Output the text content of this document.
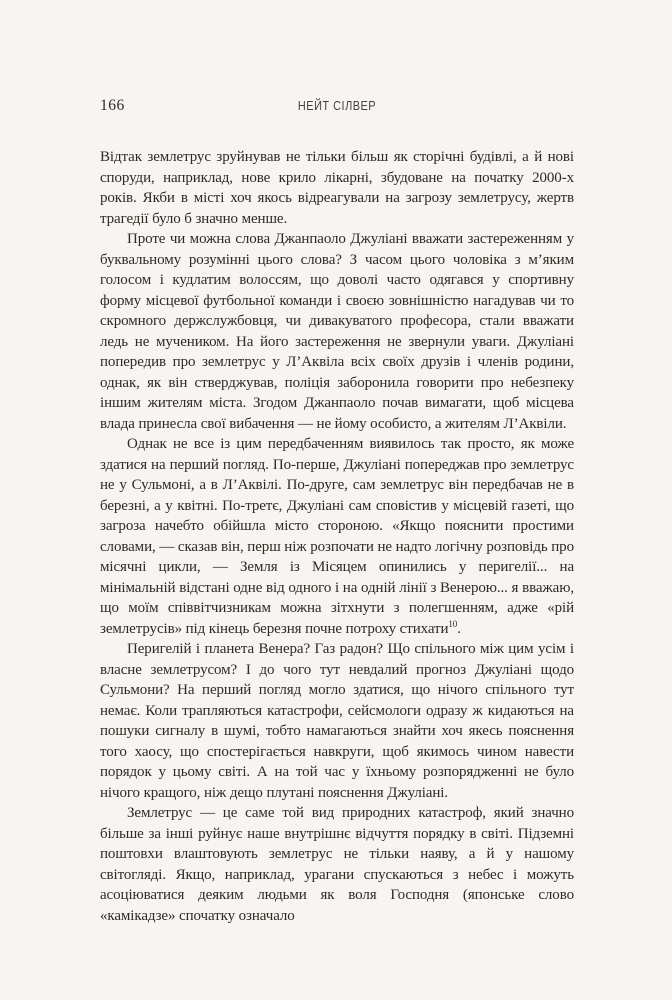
166	НЕЙТ СІЛВЕР

Відтак землетрус зруйнував не тільки більш як сторічні будівлі, а й нові споруди, наприклад, нове крило лікарні, збудоване на початку 2000-х років. Якби в місті хоч якось відреагували на загрозу землетрусу, жертв трагедії було б значно менше.

Проте чи можна слова Джанпаоло Джуліані вважати застереженням у буквальному розумінні цього слова? З часом цього чоловіка з м’яким голосом і кудлатим волоссям, що доволі часто одягався у спортивну форму місцевої футбольної команди і своєю зовнішністю нагадував чи то скромного держслужбовця, чи дивакуватого професора, стали вважати ледь не мучеником. На його застереження не звернули уваги. Джуліані попередив про землетрус у Л’Аквіла всіх своїх друзів і членів родини, однак, як він стверджував, поліція заборонила говорити про небезпеку іншим жителям міста. Згодом Джанпаоло почав вимагати, щоб місцева влада принесла свої вибачення — не йому особисто, а жителям Л’Аквіли.

Однак не все із цим передбаченням виявилось так просто, як може здатися на перший погляд. По-перше, Джуліані попереджав про землетрус не у Сульмоні, а в Л’Аквілі. По-друге, сам землетрус він передбачав не в березні, а у квітні. По-третє, Джуліані сам сповістив у місцевій газеті, що загроза начебто обійшла місто стороною. «Якщо пояснити простими словами, — сказав він, перш ніж розпочати не надто логічну розповідь про місячні цикли, — Земля із Місяцем опинились у перигелії... на мінімальній відстані одне від одного і на одній лінії з Венерою... я вважаю, що моїм співвітчизникам можна зітхнути з полегшенням, адже «рій землетрусів» під кінець березня почне потроху стихати$^{10}$.

Перигелій і планета Венера? Газ радон? Що спільного між цим усім і власне землетрусом? І до чого тут невдалий прогноз Джуліані щодо Сульмони? На перший погляд могло здатися, що нічого спільного тут немає. Коли трапляються катастрофи, сейсмологи одразу ж кидаються на пошуки сигналу в шумі, тобто намагаються знайти хоч якесь пояснення того хаосу, що спостерігається навкруги, щоб якимось чином навести порядок у цьому світі. А на той час у їхньому розпорядженні не було нічого кращого, ніж дещо плутані пояснення Джуліані.

Землетрус — це саме той вид природних катастроф, який значно більше за інші руйнує наше внутрішнє відчуття порядку в світі. Підземні поштовхи влаштовують землетрус не тільки наяву, а й у нашому світогляді. Якщо, наприклад, урагани спускаються з небес і можуть асоціюватися деяким людьми як воля Господня (японське слово «камікадзе» спочатку означало
